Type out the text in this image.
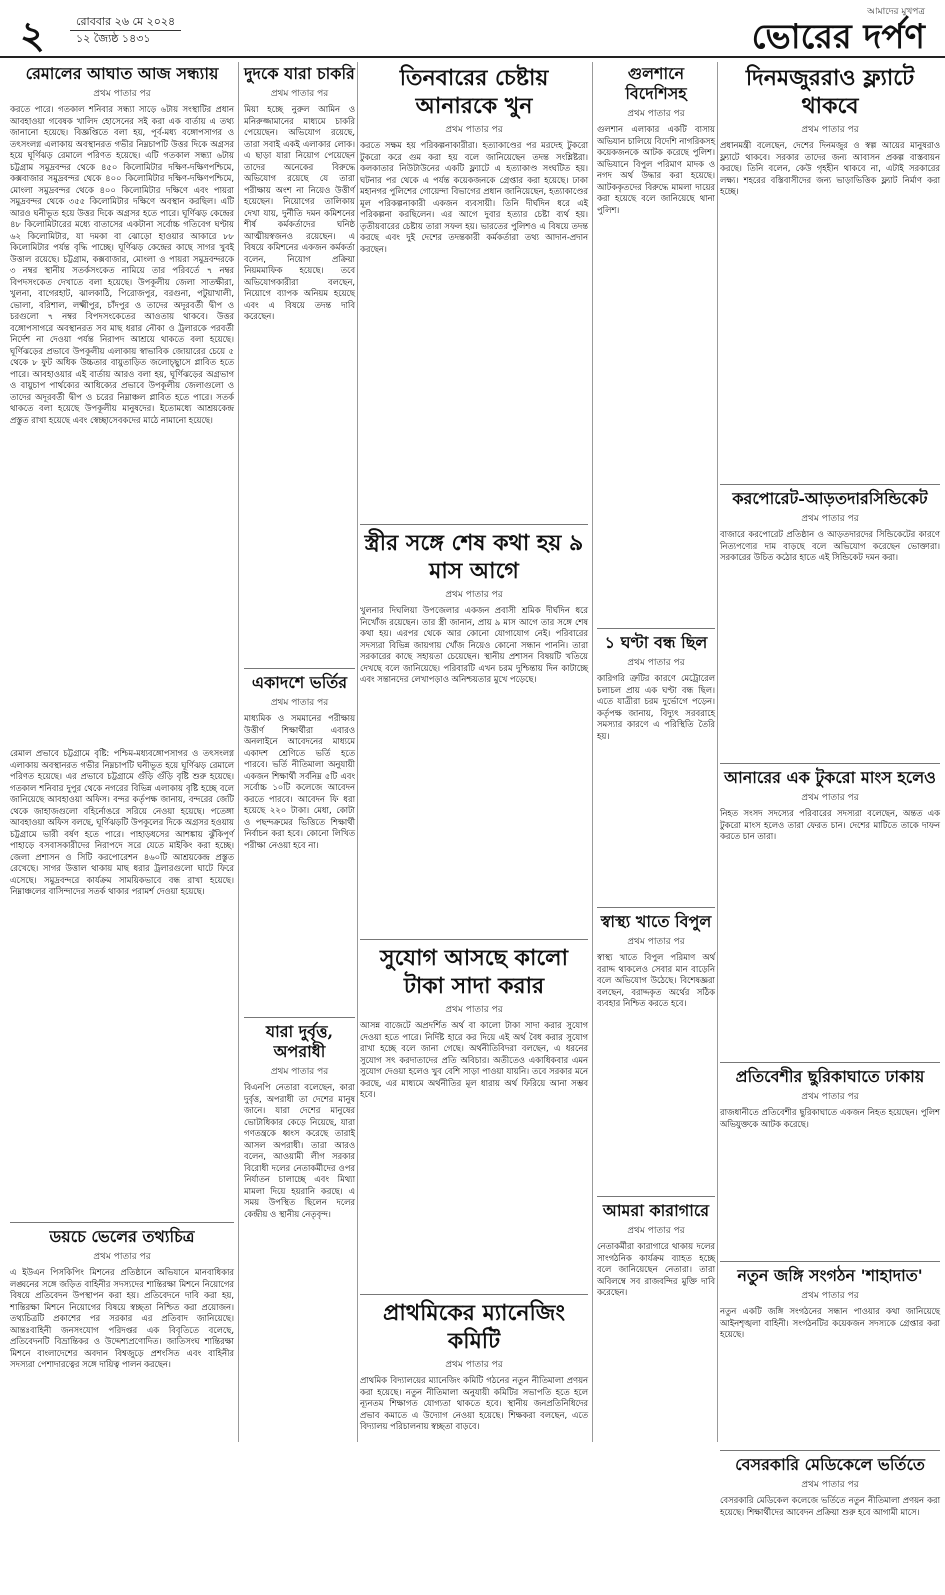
২	রোববার ২৬ মে ২০২৪
১২ জ্যৈষ্ঠ ১৪৩১
আমাদের মুখপত্র
ভোরের দর্পণ
রেমালের আঘাত আজ সন্ধ্যায়
প্রথম পাতার পর
করতে পারে। গতকাল শনিবার সন্ধ্যা সাড়ে ৬টায় সংস্থাটির প্রধান আবহাওয়া গবেষক খালিদ হোসেনের সই করা এক বার্তায় এ তথ্য জানানো হয়েছে। বিজ্ঞপ্তিতে বলা হয়, পূর্ব-মধ্য বঙ্গোপসাগর ও তৎসংলগ্ন এলাকায় অবস্থানরত গভীর নিম্নচাপটি উত্তর দিকে অগ্রসর হয়ে ঘূর্ণিঝড় রেমালে পরিণত হয়েছে। এটি গতকাল সন্ধ্যা ৬টায় চট্টগ্রাম সমুদ্রবন্দর থেকে ৪৫০ কিলোমিটার দক্ষিণ-দক্ষিণপশ্চিমে, কক্সবাজার সমুদ্রবন্দর থেকে ৪০০ কিলোমিটার দক্ষিণ-দক্ষিণপশ্চিমে, মোংলা সমুদ্রবন্দর থেকে ৪০০ কিলোমিটার দক্ষিণে এবং পায়রা সমুদ্রবন্দর থেকে ৩৫৫ কিলোমিটার দক্ষিণে অবস্থান করছিল। এটি আরও ঘনীভূত হয়ে উত্তর দিকে অগ্রসর হতে পারে। ঘূর্ণিঝড় কেন্দ্রের ৪৮ কিলোমিটারের মধ্যে বাতাসের একটানা সর্বোচ্চ গতিবেগ ঘণ্টায় ৬২ কিলোমিটার, যা দমকা বা ঝোড়ো হাওয়ার আকারে ৮৮ কিলোমিটার পর্যন্ত বৃদ্ধি পাচ্ছে। ঘূর্ণিঝড় কেন্দ্রের কাছে সাগর খুবই উত্তাল রয়েছে। চট্টগ্রাম, কক্সবাজার, মোংলা ও পায়রা সমুদ্রবন্দরকে ৩ নম্বর স্থানীয় সতর্কসংকেত নামিয়ে তার পরিবর্তে ৭ নম্বর বিপদসংকেত দেখাতে বলা হয়েছে। উপকূলীয় জেলা সাতক্ষীরা, খুলনা, বাগেরহাট, ঝালকাঠি, পিরোজপুর, বরগুনা, পটুয়াখালী, ভোলা, বরিশাল, লক্ষ্মীপুর, চাঁদপুর ও তাদের অদূরবর্তী দ্বীপ ও চরগুলো ৭ নম্বর বিপদসংকেতের আওতায় থাকবে। উত্তর বঙ্গোপসাগরে অবস্থানরত সব মাছ ধরার নৌকা ও ট্রলারকে পরবর্তী নির্দেশ না দেওয়া পর্যন্ত নিরাপদ আশ্রয়ে থাকতে বলা হয়েছে। ঘূর্ণিঝড়ের প্রভাবে উপকূলীয় এলাকায় স্বাভাবিক জোয়ারের চেয়ে ৫ থেকে ৮ ফুট অধিক উচ্চতার বায়ুতাড়িত জলোচ্ছ্বাসে প্লাবিত হতে পারে। আবহাওয়ার এই বার্তায় আরও বলা হয়, ঘূর্ণিঝড়ের অগ্রভাগ ও বায়ুচাপ পার্থক্যের আধিক্যের প্রভাবে উপকূলীয় জেলাগুলো ও তাদের অদূরবর্তী দ্বীপ ও চরের নিম্নাঞ্চল প্লাবিত হতে পারে। সতর্ক থাকতে বলা হয়েছে উপকূলীয় মানুষদের। ইতোমধ্যে আশ্রয়কেন্দ্র প্রস্তুত রাখা হয়েছে এবং স্বেচ্ছাসেবকদের মাঠে নামানো হয়েছে।
রেমাল প্রভাবে চট্টগ্রামে বৃষ্টি: পশ্চিম-মধ্যবঙ্গোপসাগর ও তৎসংলগ্ন এলাকায় অবস্থানরত গভীর নিম্নচাপটি ঘনীভূত হয়ে ঘূর্ণিঝড় রেমালে পরিণত হয়েছে। এর প্রভাবে চট্টগ্রামে গুঁড়ি গুঁড়ি বৃষ্টি শুরু হয়েছে। গতকাল শনিবার দুপুর থেকে নগরের বিভিন্ন এলাকায় বৃষ্টি হচ্ছে বলে জানিয়েছে আবহাওয়া অফিস। বন্দর কর্তৃপক্ষ জানায়, বন্দরের জেটি থেকে জাহাজগুলো বহির্নোঙরে সরিয়ে নেওয়া হয়েছে। পতেঙ্গা আবহাওয়া অফিস বলছে, ঘূর্ণিঝড়টি উপকূলের দিকে অগ্রসর হওয়ায় চট্টগ্রামে ভারী বর্ষণ হতে পারে। পাহাড়ধসের আশঙ্কায় ঝুঁকিপূর্ণ পাহাড়ে বসবাসকারীদের নিরাপদে সরে যেতে মাইকিং করা হচ্ছে। জেলা প্রশাসন ও সিটি করপোরেশন ৪৬০টি আশ্রয়কেন্দ্র প্রস্তুত রেখেছে। সাগর উত্তাল থাকায় মাছ ধরার ট্রলারগুলো ঘাটে ফিরে এসেছে। সমুদ্রবন্দরে কার্যক্রম সাময়িকভাবে বন্ধ রাখা হয়েছে। নিম্নাঞ্চলের বাসিন্দাদের সতর্ক থাকার পরামর্শ দেওয়া হয়েছে।
ডয়চে ভেলের তথ্যচিত্র
প্রথম পাতার পর
এ ইউএন পিসকিপিং মিশনের প্রতিষ্ঠানে অভিযানে মানবাধিকার লঙ্ঘনের সঙ্গে জড়িত বাহিনীর সদস্যদের শান্তিরক্ষা মিশনে নিয়োগের বিষয়ে প্রতিবেদন উপস্থাপন করা হয়। প্রতিবেদনে দাবি করা হয়, শান্তিরক্ষা মিশনে নিয়োগের বিষয়ে স্বচ্ছতা নিশ্চিত করা প্রয়োজন। তথ্যচিত্রটি প্রকাশের পর সরকার এর প্রতিবাদ জানিয়েছে। আন্তঃবাহিনী জনসংযোগ পরিদপ্তর এক বিবৃতিতে বলেছে, প্রতিবেদনটি বিভ্রান্তিকর ও উদ্দেশ্যপ্রণোদিত। জাতিসংঘ শান্তিরক্ষা মিশনে বাংলাদেশের অবদান বিশ্বজুড়ে প্রশংসিত এবং বাহিনীর সদস্যরা পেশাদারত্বের সঙ্গে দায়িত্ব পালন করছেন।
দুদকে যারা চাকরি
প্রথম পাতার পর
মিয়া হচ্ছে নুরুল আমিন ও মনিরুজ্জামানের মাধ্যমে চাকরি পেয়েছেন। অভিযোগ রয়েছে, তারা সবাই একই এলাকার লোক। এ ছাড়া যারা নিয়োগ পেয়েছেন তাদের অনেকের বিরুদ্ধে অভিযোগ রয়েছে যে তারা পরীক্ষায় অংশ না নিয়েও উত্তীর্ণ হয়েছেন। নিয়োগের তালিকায় দেখা যায়, দুর্নীতি দমন কমিশনের শীর্ষ কর্মকর্তাদের ঘনিষ্ঠ আত্মীয়স্বজনও রয়েছেন। এ বিষয়ে কমিশনের একজন কর্মকর্তা বলেন, নিয়োগ প্রক্রিয়া নিয়মমাফিক হয়েছে। তবে অভিযোগকারীরা বলছেন, নিয়োগে ব্যাপক অনিয়ম হয়েছে এবং এ বিষয়ে তদন্ত দাবি করেছেন।
একাদশে ভর্তির
প্রথম পাতার পর
মাধ্যমিক ও সমমানের পরীক্ষায় উত্তীর্ণ শিক্ষার্থীরা এবারও অনলাইনে আবেদনের মাধ্যমে একাদশ শ্রেণিতে ভর্তি হতে পারবে। ভর্তি নীতিমালা অনুযায়ী একজন শিক্ষার্থী সর্বনিম্ন ৫টি এবং সর্বোচ্চ ১০টি কলেজে আবেদন করতে পারবে। আবেদন ফি ধরা হয়েছে ২২০ টাকা। মেধা, কোটা ও পছন্দক্রমের ভিত্তিতে শিক্ষার্থী নির্বাচন করা হবে। কোনো লিখিত পরীক্ষা নেওয়া হবে না।
যারা দুর্বৃত্ত, অপরাধী
প্রথম পাতার পর
বিএনপি নেতারা বলেছেন, কারা দুর্বৃত্ত, অপরাধী তা দেশের মানুষ জানে। যারা দেশের মানুষের ভোটাধিকার কেড়ে নিয়েছে, যারা গণতন্ত্রকে ধ্বংস করেছে তারাই আসল অপরাধী। তারা আরও বলেন, আওয়ামী লীগ সরকার বিরোধী দলের নেতাকর্মীদের ওপর নির্যাতন চালাচ্ছে এবং মিথ্যা মামলা দিয়ে হয়রানি করছে। এ সময় উপস্থিত ছিলেন দলের কেন্দ্রীয় ও স্থানীয় নেতৃবৃন্দ।
তিনবারের চেষ্টায় আনারকে খুন
প্রথম পাতার পর
করতে সক্ষম হয় পরিকল্পনাকারীরা। হত্যাকাণ্ডের পর মরদেহ টুকরো টুকরো করে গুম করা হয় বলে জানিয়েছেন তদন্ত সংশ্লিষ্টরা। কলকাতার নিউটাউনের একটি ফ্ল্যাটে এ হত্যাকাণ্ড সংঘটিত হয়। ঘটনার পর থেকে এ পর্যন্ত কয়েকজনকে গ্রেপ্তার করা হয়েছে। ঢাকা মহানগর পুলিশের গোয়েন্দা বিভাগের প্রধান জানিয়েছেন, হত্যাকাণ্ডের মূল পরিকল্পনাকারী একজন ব্যবসায়ী। তিনি দীর্ঘদিন ধরে এই পরিকল্পনা করছিলেন। এর আগে দুবার হত্যার চেষ্টা ব্যর্থ হয়। তৃতীয়বারের চেষ্টায় তারা সফল হয়। ভারতের পুলিশও এ বিষয়ে তদন্ত করছে এবং দুই দেশের তদন্তকারী কর্মকর্তারা তথ্য আদান-প্রদান করছেন।
স্ত্রীর সঙ্গে শেষ কথা হয় ৯ মাস আগে
প্রথম পাতার পর
খুলনার দিঘলিয়া উপজেলার একজন প্রবাসী শ্রমিক দীর্ঘদিন ধরে নিখোঁজ রয়েছেন। তার স্ত্রী জানান, প্রায় ৯ মাস আগে তার সঙ্গে শেষ কথা হয়। এরপর থেকে আর কোনো যোগাযোগ নেই। পরিবারের সদস্যরা বিভিন্ন জায়গায় খোঁজ নিয়েও কোনো সন্ধান পাননি। তারা সরকারের কাছে সহায়তা চেয়েছেন। স্থানীয় প্রশাসন বিষয়টি খতিয়ে দেখছে বলে জানিয়েছে। পরিবারটি এখন চরম দুশ্চিন্তায় দিন কাটাচ্ছে এবং সন্তানদের লেখাপড়াও অনিশ্চয়তার মুখে পড়েছে।
সুযোগ আসছে কালো টাকা সাদা করার
প্রথম পাতার পর
আসন্ন বাজেটে অপ্রদর্শিত অর্থ বা কালো টাকা সাদা করার সুযোগ দেওয়া হতে পারে। নির্দিষ্ট হারে কর দিয়ে এই অর্থ বৈধ করার সুযোগ রাখা হচ্ছে বলে জানা গেছে। অর্থনীতিবিদরা বলছেন, এ ধরনের সুযোগ সৎ করদাতাদের প্রতি অবিচার। অতীতেও একাধিকবার এমন সুযোগ দেওয়া হলেও খুব বেশি সাড়া পাওয়া যায়নি। তবে সরকার মনে করছে, এর মাধ্যমে অর্থনীতির মূল ধারায় অর্থ ফিরিয়ে আনা সম্ভব হবে।
প্রাথমিকের ম্যানেজিং কমিটি
প্রথম পাতার পর
প্রাথমিক বিদ্যালয়ের ম্যানেজিং কমিটি গঠনের নতুন নীতিমালা প্রণয়ন করা হয়েছে। নতুন নীতিমালা অনুযায়ী কমিটির সভাপতি হতে হলে ন্যূনতম শিক্ষাগত যোগ্যতা থাকতে হবে। স্থানীয় জনপ্রতিনিধিদের প্রভাব কমাতে এ উদ্যোগ নেওয়া হয়েছে। শিক্ষকরা বলছেন, এতে বিদ্যালয় পরিচালনায় স্বচ্ছতা বাড়বে।
গুলশানে বিদেশিসহ
প্রথম পাতার পর
গুলশান এলাকার একটি বাসায় অভিযান চালিয়ে বিদেশি নাগরিকসহ কয়েকজনকে আটক করেছে পুলিশ। অভিযানে বিপুল পরিমাণ মাদক ও নগদ অর্থ উদ্ধার করা হয়েছে। আটককৃতদের বিরুদ্ধে মামলা দায়ের করা হয়েছে বলে জানিয়েছে থানা পুলিশ।
১ ঘণ্টা বন্ধ ছিল
প্রথম পাতার পর
কারিগরি ত্রুটির কারণে মেট্রোরেল চলাচল প্রায় এক ঘণ্টা বন্ধ ছিল। এতে যাত্রীরা চরম দুর্ভোগে পড়েন। কর্তৃপক্ষ জানায়, বিদ্যুৎ সরবরাহে সমস্যার কারণে এ পরিস্থিতি তৈরি হয়।
স্বাস্থ্য খাতে বিপুল
প্রথম পাতার পর
স্বাস্থ্য খাতে বিপুল পরিমাণ অর্থ বরাদ্দ থাকলেও সেবার মান বাড়েনি বলে অভিযোগ উঠেছে। বিশেষজ্ঞরা বলছেন, বরাদ্দকৃত অর্থের সঠিক ব্যবহার নিশ্চিত করতে হবে।
আমরা কারাগারে
প্রথম পাতার পর
নেতাকর্মীরা কারাগারে থাকায় দলের সাংগঠনিক কার্যক্রম ব্যাহত হচ্ছে বলে জানিয়েছেন নেতারা। তারা অবিলম্বে সব রাজবন্দির মুক্তি দাবি করেছেন।
দিনমজুররাও ফ্ল্যাটে থাকবে
প্রথম পাতার পর
প্রধানমন্ত্রী বলেছেন, দেশের দিনমজুর ও স্বল্প আয়ের মানুষরাও ফ্ল্যাটে থাকবে। সরকার তাদের জন্য আবাসন প্রকল্প বাস্তবায়ন করছে। তিনি বলেন, কেউ গৃহহীন থাকবে না, এটাই সরকারের লক্ষ্য। শহরের বস্তিবাসীদের জন্য ভাড়াভিত্তিক ফ্ল্যাট নির্মাণ করা হচ্ছে।
করপোরেট-আড়তদারসিন্ডিকেট
প্রথম পাতার পর
বাজারে করপোরেট প্রতিষ্ঠান ও আড়তদারদের সিন্ডিকেটের কারণে নিত্যপণ্যের দাম বাড়ছে বলে অভিযোগ করেছেন ভোক্তারা। সরকারের উচিত কঠোর হাতে এই সিন্ডিকেট দমন করা।
আনারের এক টুকরো মাংস হলেও
প্রথম পাতার পর
নিহত সংসদ সদস্যের পরিবারের সদস্যরা বলেছেন, অন্তত এক টুকরো মাংস হলেও তারা ফেরত চান। দেশের মাটিতে তাকে দাফন করতে চান তারা।
প্রতিবেশীর ছুরিকাঘাতে ঢাকায়
প্রথম পাতার পর
রাজধানীতে প্রতিবেশীর ছুরিকাঘাতে একজন নিহত হয়েছেন। পুলিশ অভিযুক্তকে আটক করেছে।
নতুন জঙ্গি সংগঠন 'শাহাদাত'
প্রথম পাতার পর
নতুন একটি জঙ্গি সংগঠনের সন্ধান পাওয়ার কথা জানিয়েছে আইনশৃঙ্খলা বাহিনী। সংগঠনটির কয়েকজন সদস্যকে গ্রেপ্তার করা হয়েছে।
বেসরকারি মেডিকেলে ভর্তিতে
প্রথম পাতার পর
বেসরকারি মেডিকেল কলেজে ভর্তিতে নতুন নীতিমালা প্রণয়ন করা হয়েছে। শিক্ষার্থীদের আবেদন প্রক্রিয়া শুরু হবে আগামী মাসে।
